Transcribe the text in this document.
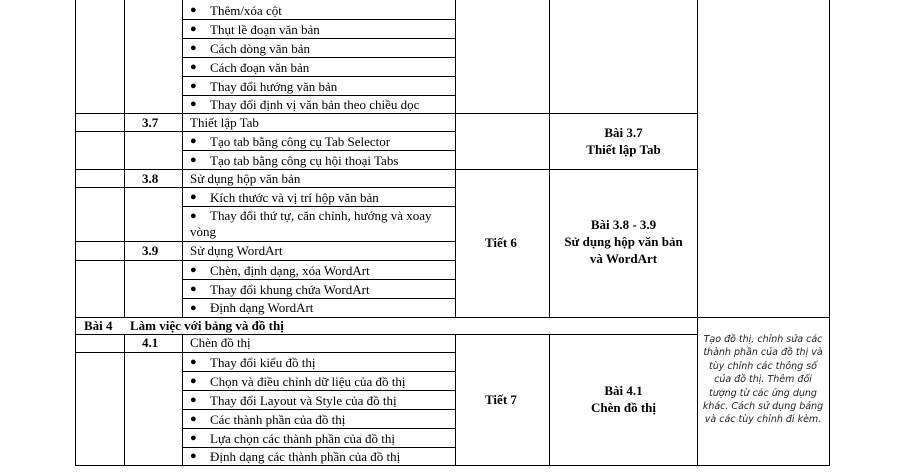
● Thêm/xóa cột
● Thụt lề đoạn văn bản
● Cách dòng văn bản
● Cách đoạn văn bản
● Thay đổi hướng văn bản
● Thay đổi định vị văn bản theo chiều dọc
3.7 Thiết lập Tab
● Tạo tab bằng công cụ Tab Selector
● Tạo tab bằng công cụ hội thoại Tabs
Bài 3.7
Thiết lập Tab
3.8 Sử dụng hộp văn bản
● Kích thước và vị trí hộp văn bản
● Thay đổi thứ tự, căn chỉnh, hướng và xoay
vòng
3.9 Sử dụng WordArt
● Chèn, định dạng, xóa WordArt
● Thay đổi khung chứa WordArt
● Định dạng WordArt
Tiết 6
Bài 3.8 - 3.9
Sử dụng hộp văn bản
và WordArt
Bài 4 Làm việc với bảng và đồ thị
4.1 Chèn đồ thị
● Thay đổi kiểu đồ thị
● Chọn và điều chỉnh dữ liệu của đồ thị
● Thay đổi Layout và Style của đồ thị
● Các thành phần của đồ thị
● Lựa chọn các thành phần của đồ thị
● Định dạng các thành phần của đồ thị
Tiết 7
Bài 4.1
Chèn đồ thị
Tạo đồ thị, chỉnh sửa các thành phần của đồ thị và tùy chỉnh các thông số của đồ thị. Thêm đối tượng từ các ứng dụng khác. Cách sử dụng bảng và các tùy chỉnh đi kèm.
